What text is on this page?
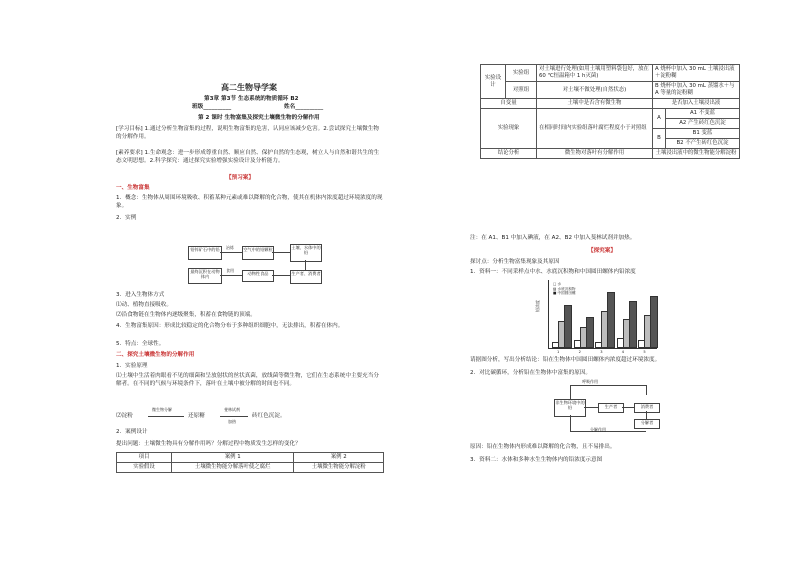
高二生物导学案
第3章 第3节 生态系统的物质循环 B2
班级__________	姓名__________
第 2 课时 生物富集及探究土壤微生物的分解作用
[学习目标] 1.通过分析生物富集的过程，说明生物富集的危害，认同应该减少危害。2.尝试探究土壤微生物的分解作用。
[素养要求] 1.生命观念：进一步形成尊重自然、顺应自然、保护自然的生态观，树立人与自然和谐共生的生态文明思想。2.科学探究：通过探究实验增强实验设计及分析能力。
【预习案】
一、生物富集
1．概念：生物体从周围环境吸收、积蓄某种元素或难以降解的化合物，使其在机体内浓度超过环境浓度的现象。
2．实例
铅锌矿石中的铅	冶炼	空气中的铅颗粒	土壤、水体中的铅
最终沉积在动物体内
食用
动物性食品	生产者、消费者
3．进入生物体方式
⑴动、植物直接吸收。
⑵沿食物链在生物体内逐级聚集，积蓄在食物链的顶端。
4．生物富集原因：形成比较稳定的化合物分布于多种组织细胞中，无法排出，积蓄在体内。
5．特点：全球性。
二、探究土壤微生物的分解作用
1．实验原理
⑴土壤中生活着肉眼看不见的细菌和呈放射状的丝状真菌，放线菌等微生物，它们在生态系统中主要充当分解者。在不同的气候与环境条件下，落叶在土壤中被分解的时间也不同。
⑵淀粉
微生物分解
还原糖
斐林试剂
加热
砖红色沉淀。
2．案例设计
提出问题：土壤微生物具有分解作用吗？分解过程中物质发生怎样的变化？
项目	案例 1	案例 2
实验假设	土壤微生物能分解落叶使之腐烂	土壤微生物能分解淀粉
实验设计	实验组	对土壤进行处理(如用土壤用塑料袋包好，放在 60 ℃恒温箱中 1 h灭菌)	A 烧杯中加入 30 mL 土壤浸出液＋淀粉糊	
	对照组	对土壤不做处理(自然状态)	B 烧杯中加入 30 mL 蒸馏水＋与 A 等量的淀粉糊	
自变量		土壤中是否含有微生物	是否加入土壤浸出液	
实验现象		在相同时间内实验组落叶腐烂程度小于对照组	A	A1 不变蓝
				A2 产生砖红色沉淀
			B	B1 变蓝
				B2 不产生砖红色沉淀
结论分析		微生物对落叶有分解作用	土壤浸出液中的微生物能分解淀粉	
注：在 A1、B1 中加入碘液，在 A2、B2 中加入斐林试剂并加热。
【探究案】
探讨点：分析生物富集现象及其原因
1．资料一：不同采样点中水、水底沉积物和中国圆田螺体内铅浓度
1	2	3	4	5
□ 水
▨ 水底沉积物
■ 中国圆田螺
铅浓度
请据图分析，写出分析结论：铅在生物体中国圆田螺体内浓度超过环境浓度。
2．对比碳循环，分析铅在生物体中富集的原因。
呼吸作用
非生物环境中的铅	生产者	消费者
分解者
分解作用
原因：铅在生物体内形成难以降解的化合物，且不易排出。
3．资料二：水体和多种水生生物体内的铅浓度示意图
